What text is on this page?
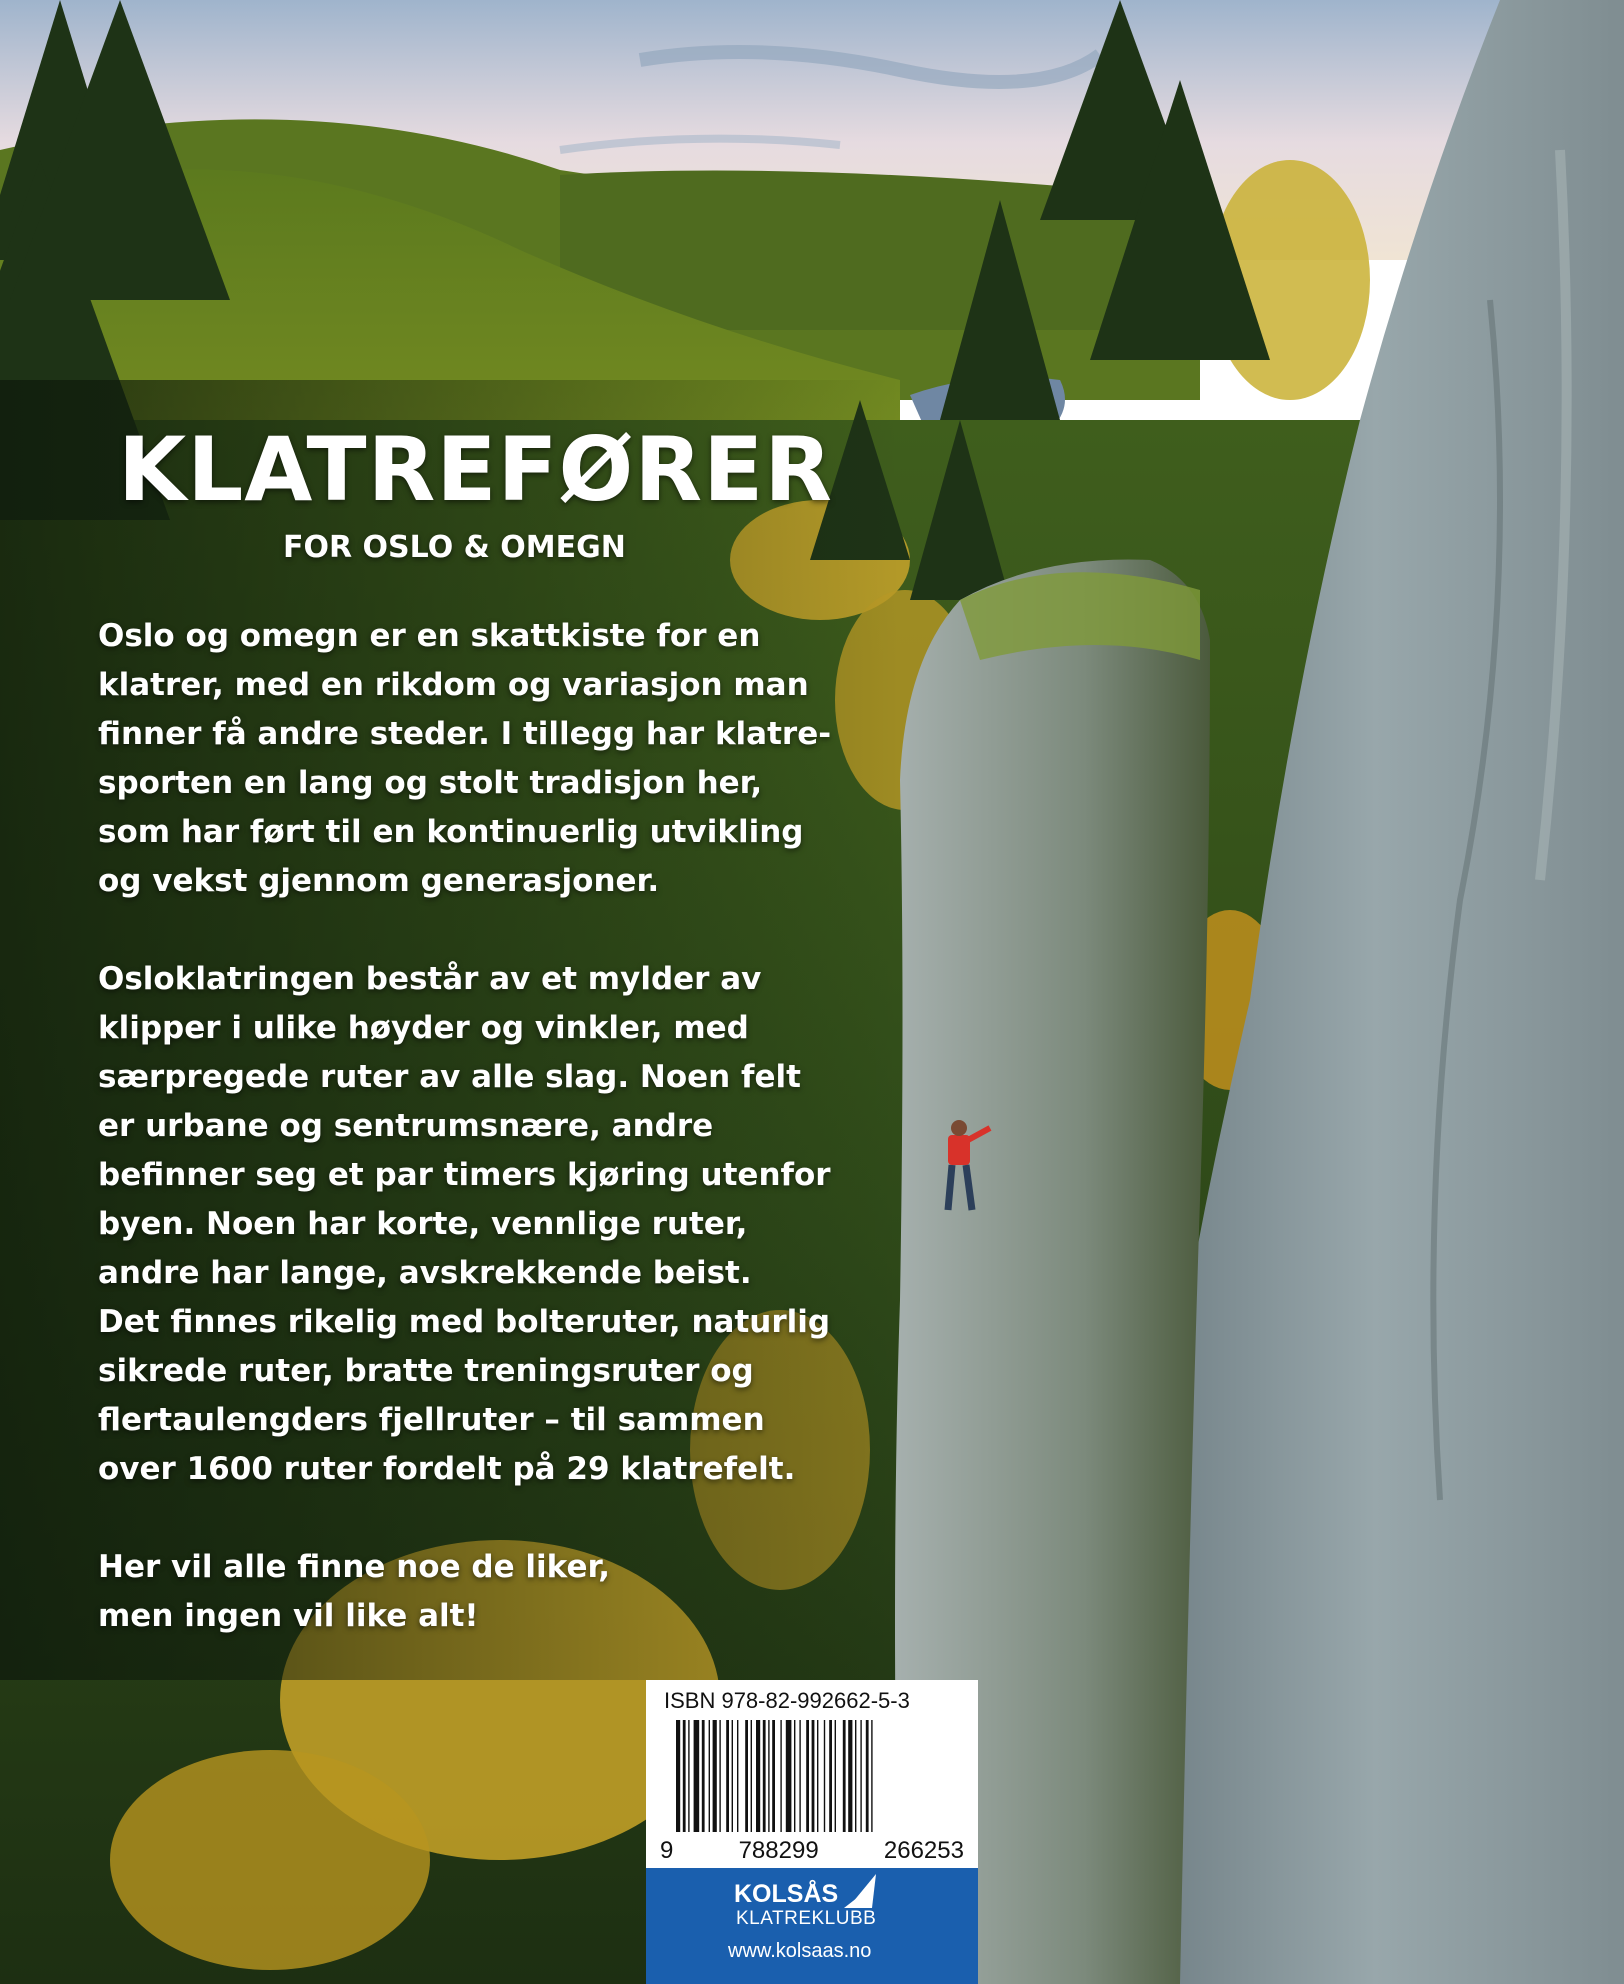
KLATREFØRER
FOR OSLO & OMEGN

Oslo og omegn er en skattkiste for en
klatrer, med en rikdom og variasjon man
finner få andre steder. I tillegg har klatre-
sporten en lang og stolt tradisjon her,
som har ført til en kontinuerlig utvikling
og vekst gjennom generasjoner.

Osloklatringen består av et mylder av
klipper i ulike høyder og vinkler, med
særpregede ruter av alle slag. Noen felt
er urbane og sentrumsnære, andre
befinner seg et par timers kjøring utenfor
byen. Noen har korte, vennlige ruter,
andre har lange, avskrekkende beist.
Det finnes rikelig med bolteruter, naturlig
sikrede ruter, bratte treningsruter og
flertaulengders fjellruter – til sammen
over 1600 ruter fordelt på 29 klatrefelt.

Her vil alle finne noe de liker,
men ingen vil like alt!

ISBN 978-82-992662-5-3
9	788299	266253
KOLSÅS
KLATREKLUBB
www.kolsaas.no
